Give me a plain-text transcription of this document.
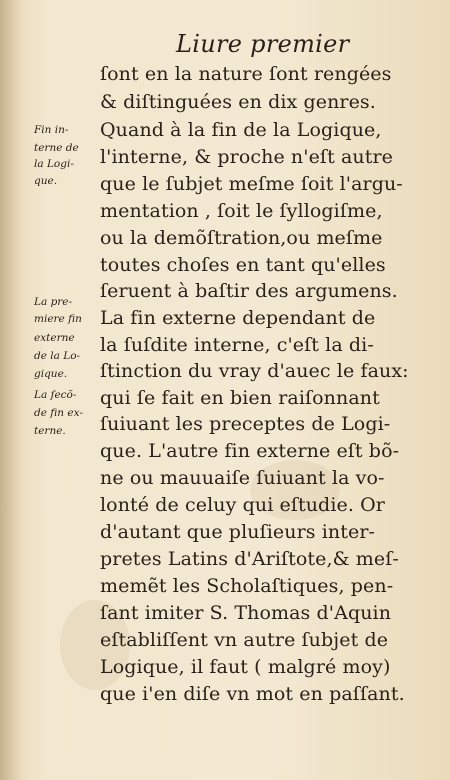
Liure premier
ſont en la nature ſont rengées
& diſtinguées en dix genres.
Quand à la fin de la Logique,
l'interne, & proche n'eſt autre
que le ſubjet meſme ſoit l'argu-
mentation , ſoit le ſyllogiſme,
ou la demõſtration,ou meſme
toutes choſes en tant qu'elles
ſeruent à baſtir des argumens.
La fin externe dependant de
la ſuſdite interne, c'eſt la di-
ſtinction du vray d'auec le faux:
qui ſe fait en bien raiſonnant
ſuiuant les preceptes de Logi-
que. L'autre fin externe eſt bõ-
ne ou mauuaiſe ſuiuant la vo-
lonté de celuy qui eſtudie. Or
d'autant que pluſieurs inter-
pretes Latins d'Ariſtote,& meſ-
memẽt les Scholaſtiques, pen-
ſant imiter S. Thomas d'Aquin
eſtabliſſent vn autre ſubjet de
Logique, il faut ( malgré moy)
que i'en diſe vn mot en paſſant.
Fin in-
terne de
la Logi-
que.
La pre-
miere fin
externe
de la Lo-
gique.
La ſecõ-
de fin ex-
terne.
